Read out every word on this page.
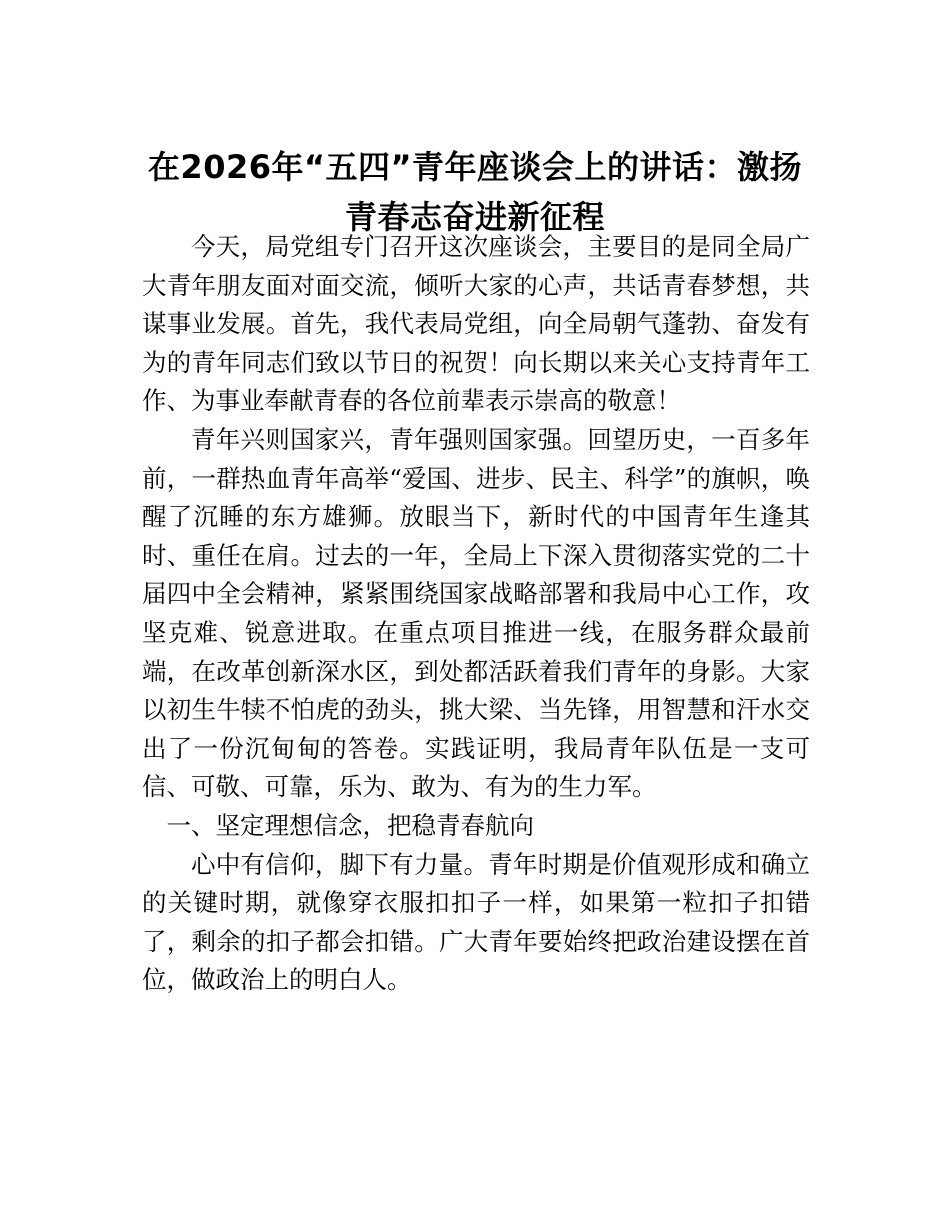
在2026年“五四”青年座谈会上的讲话：激扬
青春志奋进新征程

今天，局党组专门召开这次座谈会，主要目的是同全局广大青年朋友面对面交流，倾听大家的心声，共话青春梦想，共谋事业发展。首先，我代表局党组，向全局朝气蓬勃、奋发有为的青年同志们致以节日的祝贺！向长期以来关心支持青年工作、为事业奉献青春的各位前辈表示崇高的敬意！

青年兴则国家兴，青年强则国家强。回望历史，一百多年前，一群热血青年高举“爱国、进步、民主、科学”的旗帜，唤醒了沉睡的东方雄狮。放眼当下，新时代的中国青年生逢其时、重任在肩。过去的一年，全局上下深入贯彻落实党的二十届四中全会精神，紧紧围绕国家战略部署和我局中心工作，攻坚克难、锐意进取。在重点项目推进一线，在服务群众最前端，在改革创新深水区，到处都活跃着我们青年的身影。大家以初生牛犊不怕虎的劲头，挑大梁、当先锋，用智慧和汗水交出了一份沉甸甸的答卷。实践证明，我局青年队伍是一支可信、可敬、可靠，乐为、敢为、有为的生力军。

一、坚定理想信念，把稳青春航向

心中有信仰，脚下有力量。青年时期是价值观形成和确立的关键时期，就像穿衣服扣扣子一样，如果第一粒扣子扣错了，剩余的扣子都会扣错。广大青年要始终把政治建设摆在首位，做政治上的明白人。
